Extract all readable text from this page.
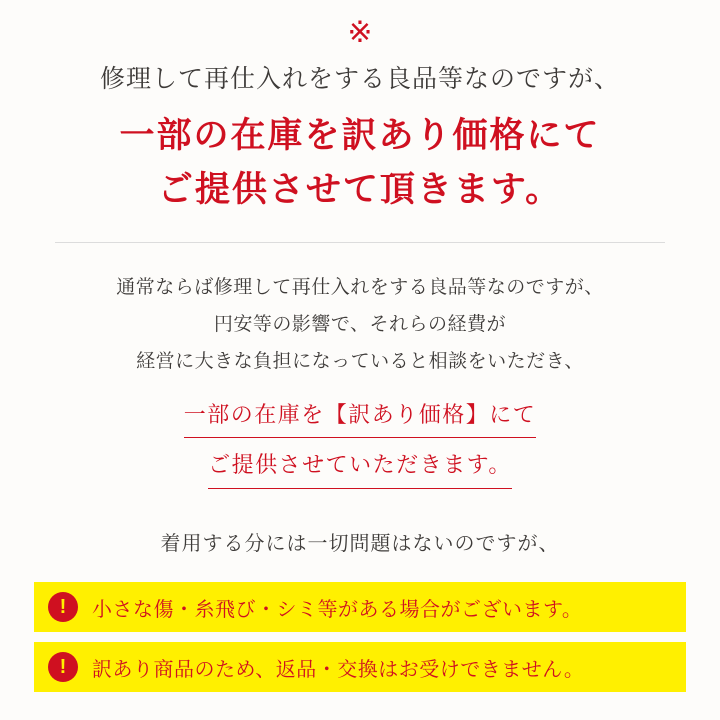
※
修理して再仕入れをする良品等なのですが、
一部の在庫を訳あり価格にて
ご提供させて頂きます。
通常ならば修理して再仕入れをする良品等なのですが、
円安等の影響で、それらの経費が
経営に大きな負担になっていると相談をいただき、
一部の在庫を【訳あり価格】にて
ご提供させていただきます。
着用する分には一切問題はないのですが、
!	小さな傷・糸飛び・シミ等がある場合がございます。
!	訳あり商品のため、返品・交換はお受けできません。
